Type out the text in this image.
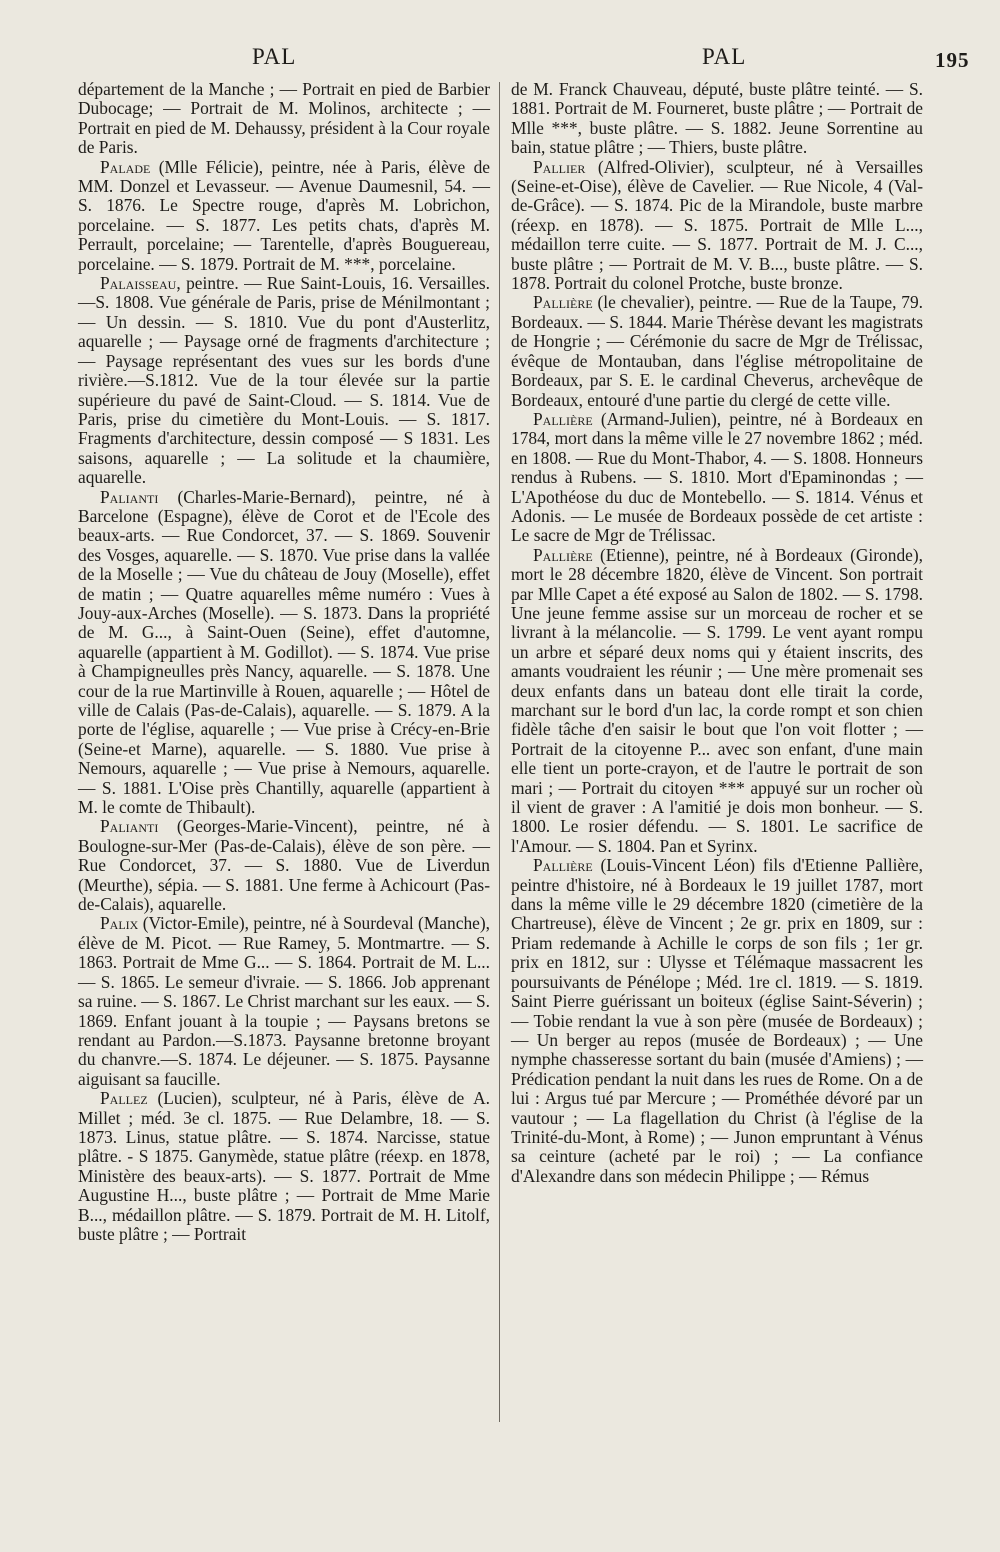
PAL	PAL	195

département de la Manche ; — Portrait en pied de Barbier Dubocage; — Portrait de M. Molinos, architecte ; — Portrait en pied de M. Dehaussy, président à la Cour royale de Paris.

Palade (Mlle Félicie), peintre, née à Paris, élève de MM. Donzel et Levasseur. — Avenue Daumesnil, 54. — S. 1876. Le Spectre rouge, d'après M. Lobrichon, porcelaine. — S. 1877. Les petits chats, d'après M. Perrault, porcelaine; — Tarentelle, d'après Bouguereau, porcelaine. — S. 1879. Portrait de M. ***, porcelaine.

Palaisseau, peintre. — Rue Saint-Louis, 16. Versailles. —S. 1808. Vue générale de Paris, prise de Ménilmontant ; — Un dessin. — S. 1810. Vue du pont d'Austerlitz, aquarelle ; — Paysage orné de fragments d'architecture ; — Paysage représentant des vues sur les bords d'une rivière.—S.1812. Vue de la tour élevée sur la partie supérieure du pavé de Saint-Cloud. — S. 1814. Vue de Paris, prise du cimetière du Mont-Louis. — S. 1817. Fragments d'architecture, dessin composé — S 1831. Les saisons, aquarelle ; — La solitude et la chaumière, aquarelle.

Palianti (Charles-Marie-Bernard), peintre, né à Barcelone (Espagne), élève de Corot et de l'Ecole des beaux-arts. — Rue Condorcet, 37. — S. 1869. Souvenir des Vosges, aquarelle. — S. 1870. Vue prise dans la vallée de la Moselle ; — Vue du château de Jouy (Moselle), effet de matin ; — Quatre aquarelles même numéro : Vues à Jouy-aux-Arches (Moselle). — S. 1873. Dans la propriété de M. G..., à Saint-Ouen (Seine), effet d'automne, aquarelle (appartient à M. Godillot). — S. 1874. Vue prise à Champigneulles près Nancy, aquarelle. — S. 1878. Une cour de la rue Martinville à Rouen, aquarelle ; — Hôtel de ville de Calais (Pas-de-Calais), aquarelle. — S. 1879. A la porte de l'église, aquarelle ; — Vue prise à Crécy-en-Brie (Seine-et Marne), aquarelle. — S. 1880. Vue prise à Nemours, aquarelle ; — Vue prise à Nemours, aquarelle. — S. 1881. L'Oise près Chantilly, aquarelle (appartient à M. le comte de Thibault).

Palianti (Georges-Marie-Vincent), peintre, né à Boulogne-sur-Mer (Pas-de-Calais), élève de son père. — Rue Condorcet, 37. — S. 1880. Vue de Liverdun (Meurthe), sépia. — S. 1881. Une ferme à Achicourt (Pas-de-Calais), aquarelle.

Palix (Victor-Emile), peintre, né à Sourdeval (Manche), élève de M. Picot. — Rue Ramey, 5. Montmartre. — S. 1863. Portrait de Mme G... — S. 1864. Portrait de M. L... — S. 1865. Le semeur d'ivraie. — S. 1866. Job apprenant sa ruine. — S. 1867. Le Christ marchant sur les eaux. — S. 1869. Enfant jouant à la toupie ; — Paysans bretons se rendant au Pardon.—S.1873. Paysanne bretonne broyant du chanvre.—S. 1874. Le déjeuner. — S. 1875. Paysanne aiguisant sa faucille.

Pallez (Lucien), sculpteur, né à Paris, élève de A. Millet ; méd. 3e cl. 1875. — Rue Delambre, 18. — S. 1873. Linus, statue plâtre. — S. 1874. Narcisse, statue plâtre. - S 1875. Ganymède, statue plâtre (réexp. en 1878, Ministère des beaux-arts). — S. 1877. Portrait de Mme Augustine H..., buste plâtre ; — Portrait de Mme Marie B..., médaillon plâtre. — S. 1879. Portrait de M. H. Litolf, buste plâtre ; — Portrait

de M. Franck Chauveau, député, buste plâtre teinté. — S. 1881. Portrait de M. Fourneret, buste plâtre ; — Portrait de Mlle ***, buste plâtre. — S. 1882. Jeune Sorrentine au bain, statue plâtre ; — Thiers, buste plâtre.

Pallier (Alfred-Olivier), sculpteur, né à Versailles (Seine-et-Oise), élève de Cavelier. — Rue Nicole, 4 (Val-de-Grâce). — S. 1874. Pic de la Mirandole, buste marbre (réexp. en 1878). — S. 1875. Portrait de Mlle L..., médaillon terre cuite. — S. 1877. Portrait de M. J. C..., buste plâtre ; — Portrait de M. V. B..., buste plâtre. — S. 1878. Portrait du colonel Protche, buste bronze.

Pallière (le chevalier), peintre. — Rue de la Taupe, 79. Bordeaux. — S. 1844. Marie Thérèse devant les magistrats de Hongrie ; — Cérémonie du sacre de Mgr de Trélissac, évêque de Montauban, dans l'église métropolitaine de Bordeaux, par S. E. le cardinal Cheverus, archevêque de Bordeaux, entouré d'une partie du clergé de cette ville.

Pallière (Armand-Julien), peintre, né à Bordeaux en 1784, mort dans la même ville le 27 novembre 1862 ; méd. en 1808. — Rue du Mont-Thabor, 4. — S. 1808. Honneurs rendus à Rubens. — S. 1810. Mort d'Epaminondas ; — L'Apothéose du duc de Montebello. — S. 1814. Vénus et Adonis. — Le musée de Bordeaux possède de cet artiste : Le sacre de Mgr de Trélissac.

Pallière (Etienne), peintre, né à Bordeaux (Gironde), mort le 28 décembre 1820, élève de Vincent. Son portrait par Mlle Capet a été exposé au Salon de 1802. — S. 1798. Une jeune femme assise sur un morceau de rocher et se livrant à la mélancolie. — S. 1799. Le vent ayant rompu un arbre et séparé deux noms qui y étaient inscrits, des amants voudraient les réunir ; — Une mère promenait ses deux enfants dans un bateau dont elle tirait la corde, marchant sur le bord d'un lac, la corde rompt et son chien fidèle tâche d'en saisir le bout que l'on voit flotter ; — Portrait de la citoyenne P... avec son enfant, d'une main elle tient un porte-crayon, et de l'autre le portrait de son mari ; — Portrait du citoyen *** appuyé sur un rocher où il vient de graver : A l'amitié je dois mon bonheur. — S. 1800. Le rosier défendu. — S. 1801. Le sacrifice de l'Amour. — S. 1804. Pan et Syrinx.

Pallière (Louis-Vincent Léon) fils d'Etienne Pallière, peintre d'histoire, né à Bordeaux le 19 juillet 1787, mort dans la même ville le 29 décembre 1820 (cimetière de la Chartreuse), élève de Vincent ; 2e gr. prix en 1809, sur : Priam redemande à Achille le corps de son fils ; 1er gr. prix en 1812, sur : Ulysse et Télémaque massacrent les poursuivants de Pénélope ; Méd. 1re cl. 1819. — S. 1819. Saint Pierre guérissant un boiteux (église Saint-Séverin) ; — Tobie rendant la vue à son père (musée de Bordeaux) ; — Un berger au repos (musée de Bordeaux) ; — Une nymphe chasseresse sortant du bain (musée d'Amiens) ; — Prédication pendant la nuit dans les rues de Rome. On a de lui : Argus tué par Mercure ; — Prométhée dévoré par un vautour ; — La flagellation du Christ (à l'église de la Trinité-du-Mont, à Rome) ; — Junon empruntant à Vénus sa ceinture (acheté par le roi) ; — La confiance d'Alexandre dans son médecin Philippe ; — Rémus
